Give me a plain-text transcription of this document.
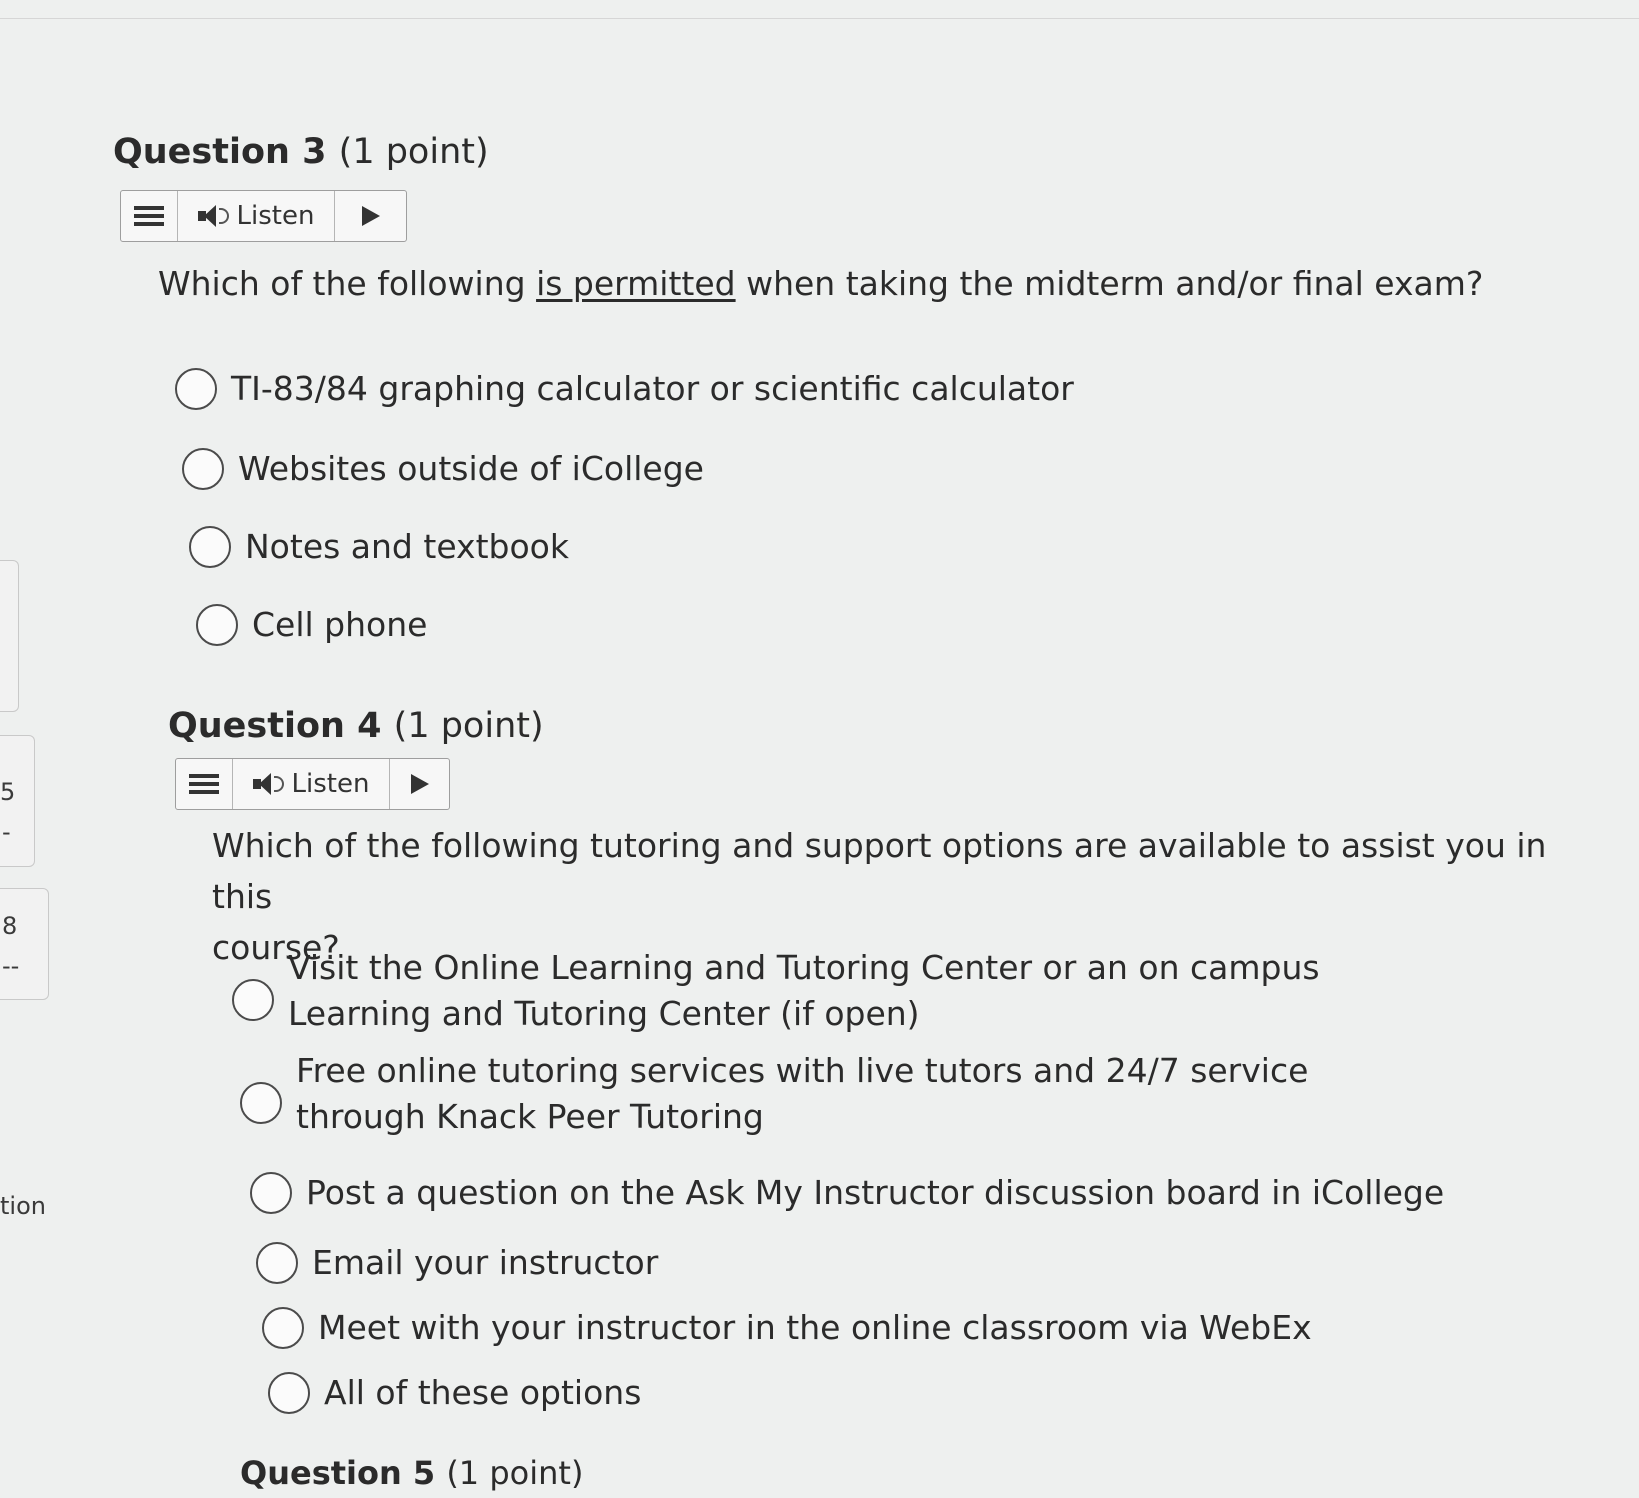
5
-
8
--
tion
Question 3 (1 point)
Listen

Which of the following is permitted when taking the midterm and/or final exam?

TI-83/84 graphing calculator or scientific calculator
Websites outside of iCollege
Notes and textbook
Cell phone
Question 4 (1 point)
Listen

Which of the following tutoring and support options are available to assist you in this
course?

Visit the Online Learning and Tutoring Center or an on campus Learning and Tutoring Center (if open)
Free online tutoring services with live tutors and 24/7 service through Knack Peer Tutoring
Post a question on the Ask My Instructor discussion board in iCollege
Email your instructor
Meet with your instructor in the online classroom via WebEx
All of these options
Question 5 (1 point)
